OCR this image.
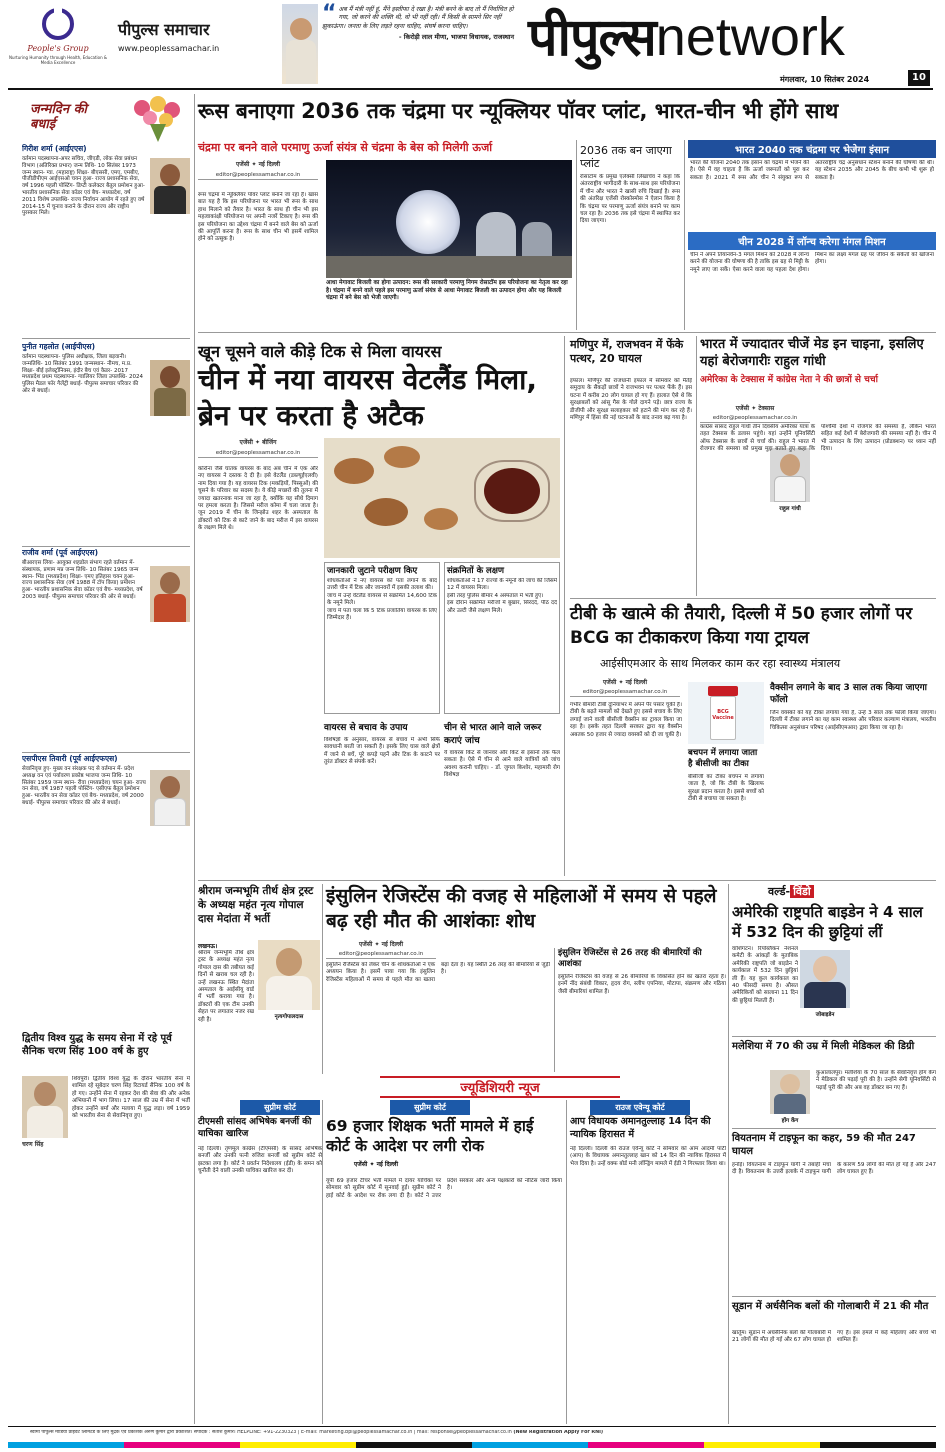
People's Group
Nurturing Humanity through Health, Education & Media Excellence
पीपुल्स समाचार
www.peoplessamachar.in
“ अब मैं मंत्री नहीं हूं, मैंने इस्तीफा दे रखा है। मंत्री बनने के बाद तो मैं निर्वाचित हो गया, जो करने की शक्ति थी, वो भी नहीं रही। मैं किसी के सामने सिर नहीं झुकाऊंगा। जनता के लिए लड़ते रहना चाहिए, संघर्ष करना चाहिए।
- किरोड़ी लाल मीणा, भाजपा विधायक, राजस्थान पीपुल्सnetwork
मंगलवार, 10 सितंबर 2024	10
जन्मदिन की बधाई
गिरीश शर्मा (आईएएस)
वर्तमान पदस्थापना-अपर सचिव, जीएडी, लोक सेवा प्रबंधन विभाग (अतिरिक्त प्रभार) जन्म तिथि- 10 सितंबर 1973 जन्म स्थान- ग्वा. (महाराष्ट्र) शिक्षा- बीएससी, एमए, एमबीए, पीजीडीपीएम आईएसओ चयन हुआ- राज्य प्रशासनिक सेवा, वर्ष 1996 पहली पोस्टिंग- डिप्टी कलेक्टर बैतूल प्रमोशन हुआ- भारतीय प्रशासनिक सेवा कॉडर एवं बैच- मध्यप्रदेश, वर्ष 2011 विशेष उपलब्धि- राज्य निर्वाचन आयोग में रहते हुए वर्ष 2014-15 में चुनाव कराने के दौरान राज्य और राष्ट्रीय पुरस्कार मिले।
पुनीत गहलोत (आईपीएस)
वर्तमान पदस्थापना- पुलिस अधीक्षक, जिला बड़वानी। जन्मतिथि- 10 सितंबर 1991 जन्मस्थान- नीमच, म.प्र. शिक्षा- बीई इलेक्ट्रॉनिक्स, इंदौर बैच एवं कैडर- 2017 मध्यप्रदेश प्रथम पदस्थापना- ग्वालियर जिला उपलब्धि- 2024 पुलिस मैडल फॉर गैलेंट्री बधाई- पीपुल्स समाचार परिवार की ओर से बधाई।
राजीव शर्मा (पूर्व आईएएस)
बीआरएस लिया- आयुक्त शहडोल संभाग रहते वर्तमान में- संस्थापक, प्रणाम मप्र जन्म तिथि- 10 सितंबर 1965 जन्म स्थान- भिंड (मध्यप्रदेश) शिक्षा- एमए इतिहास चयन हुआ- राज्य प्रशासनिक सेवा (वर्ष 1988 में टॉप किया) प्रमोशन हुआ- भारतीय प्रशासनिक सेवा कॉडर एवं बैच- मध्यप्रदेश, वर्ष 2003 बधाई- पीपुल्स समाचार परिवार की ओर से बधाई।
एसपीएस तिवारी (पूर्व आईएफएस)
सेवानिवृत्त हुए- मुख्य वन संरक्षक पद से वर्तमान में- प्रदेश अध्यक्ष वन एवं पर्यावरण प्रकोष्ठ भाजपा जन्म तिथि- 10 सितंबर 1959 जन्म स्थान- रीवा (मध्यप्रदेश) चयन हुआ- राज्य वन सेवा, वर्ष 1987 पहली पोस्टिंग- एसीएफ बैतूल प्रमोशन हुआ- भारतीय वन सेवा कॉडर एवं बैच- मध्यप्रदेश, वर्ष 2000 बधाई- पीपुल्स समाचार परिवार की ओर से बधाई।
द्वितीय विश्व युद्ध के समय सेना में रहे पूर्व सैनिक चरण सिंह 100 वर्ष के हुए
चरण सिंह
शिवपुरी। द्वितीय विश्व युद्ध के दौरान भारतीय सेना में शामिल रहे सूबेदार चरण सिंह रिटायर्ड सैनिक 100 वर्ष के हो गए। उन्होंने सेना में रहकर देश की सेवा की और अनेक अभियानों में भाग लिया। 17 साल की उम्र में सेना में भर्ती होकर उन्होंने बर्मा और मलाया में युद्ध लड़ा। वर्ष 1959 को भारतीय सेना से सेवानिवृत्त हुए।
रूस बनाएगा 2036 तक चंद्रमा पर न्यूक्लियर पॉवर प्लांट, भारत-चीन भी होंगे साथ
चंद्रमा पर बनने वाले परमाणु ऊर्जा संयंत्र से चंद्रमा के बेस को मिलेगी ऊर्जा
एजेंसी ✦ नई दिल्ली
editor@peoplessamachar.co.in
रूस चंद्रमा में न्यूक्लियर पॉवर प्लांट बनाने जा रहा है। खास बात यह है कि इस परियोजना पर भारत भी रूस के साथ हाथ मिलाने को तैयार है। भारत के साथ ही चीन भी इस महत्वाकांक्षी परियोजना पर अपनी नजरें टिकाए है। रूस की इस परियोजना का उद्देश्य चंद्रमा में बनने वाले बेस को ऊर्जा की आपूर्ति करना है। रूस के साथ चीन भी इसमें शामिल होने को उत्सुक है।
आधा मेगावाट बिजली का होगा उत्पादन: रूस की सरकारी परमाणु निगम रोसाटॉम इस परियोजना का नेतृत्व कर रहा है। चंद्रमा में बनने वाले पहले इस परमाणु ऊर्जा संयंत्र से आधा मेगावाट बिजली का उत्पादन होगा और यह बिजली चंद्रमा में बने बेस को भेजी जाएगी।
2036 तक बन जाएगा प्लांट
रोसाटॉम के प्रमुख एलेक्सी लिखाचेव ने कहा कि अंतरराष्ट्रीय भागीदारी के साथ-साथ इस परियोजना में चीन और भारत ने खासी रुचि दिखाई है। रूस की अंतरिक्ष एजेंसी रोस्कोस्मोस ने ऐलान किया है कि चंद्रमा पर परमाणु ऊर्जा संयंत्र बनाने पर काम चल रहा है। 2036 तक इसे चंद्रमा में स्थापित कर दिया जाएगा।
भारत 2040 तक चंद्रमा पर भेजेगा इंसान
भारत की योजना 2040 तक इंसान को चंद्रमा में भेजने की है। ऐसे में वह चाहता है कि ऊर्जा जरूरतों को पूरा कर सकता है। 2021 में रूस और चीन ने संयुक्त रूप से अंतरराष्ट्रीय चंद्र अनुसंधान स्टेशन बनाने की घोषणा की थी। यह स्टेशन 2035 और 2045 के बीच कभी भी शुरू हो सकता है।
चीन 2028 में लॉन्च करेगा मंगल मिशन
चीन ने अपने तियानवेन-3 मंगल मिशन को 2028 में लॉन्च करने की योजना की घोषणा की है ताकि इस ग्रह से मिट्टी के नमूने लाए जा सकें। ऐसा करने वाला यह पहला देश होगा। मिशन का लक्ष्य मंगल ग्रह पर जीवन के संकेतों को खोजना होगा।
खून चूसने वाले कीड़े टिक से मिला वायरस
चीन में नया वायरस वेटलैंड मिला, ब्रेन पर करता है अटैक
एजेंसी ✦ बीजिंग
editor@peoplessamachar.co.in
कोरोना जैसे घातक वायरस के बाद अब चीन में एक और नए वायरस ने दस्तक दे दी है। इसे वेटलैंड (डब्ल्यूईएलवी) नाम दिया गया है। यह वायरस टिक (मकड़ियों, पिस्सुओं) की चूसने के परिवार का सदस्य है। ये कीड़े मच्छरों की तुलना में ज्यादा खतरनाक माना जा रहा है, क्योंकि यह सीधे दिमाग पर हमला करता है। जिससे मरीज कोमा में चला जाता है। जून 2019 में चीन के जिन्झोउ शहर के अस्पताल के डॉक्टरों को टिक से काटे जाने के बाद मरीज में इस वायरस के लक्षण मिले थे।
जानकारी जुटाने परीक्षण किए
शोधकर्ताओं ने नए वायरस को पता लगाने के बाद उत्तरी चीन में टिक और जानवरों में इसकी तलाश की।
जांच में उन्हें वेटलैंड वायरस से संक्रमित 14,600 टिक के नमूने मिले।
जांच में पता चला कि 5 टिक प्रजातियां वायरस के लिए जिम्मेदार हैं।
संक्रमितों के लक्षण
शोधकर्ताओं ने 17 राज्यों के नमूनों की जांच की जिसमें 12 में वायरस मिला।
इसी तरह पुलिस बीमार 4 अस्पताल में भर्ती हुए।
इस दौरान संक्रमित मरीजों में बुखार, सिरदर्द, पीठ दर्द और उल्टी जैसे लक्षण मिले।
वायरस से बचाव के उपाय
विशेषज्ञों के अनुसार, वायरस से बचाव में अभी सिर्फ सावधानी बरती जा सकती है। इसके लिए घास वाले क्षेत्रों में जाने से बचें, पूरे कपड़े पहनें और टिक के काटने पर तुरंत डॉक्टर से संपर्क करें।
चीन से भारत आने वाले जरूर कराएं जांच
ये वायरस किट से जानवर और किट से इंसानों तक फैल सकता है। ऐसे में चीन से आने वाले यात्रियों को जांच अवश्य करानी चाहिए। - डॉ. जुगल किशोर, महामारी रोग विशेषज्ञ
मणिपुर में, राजभवन में फेंके पत्थर, 20 घायल
इंफाल। मणिपुर की राजधानी इंफाल में सोमवार को मैतेई समुदाय के सैकड़ों छात्रों ने राजभवन पर पत्थर फेंके हैं। इस घटना में करीब 20 लोग घायल हो गए हैं। हालात ऐसे थे कि सुरक्षाबलों को आंसू गैस के गोले दागने पड़े। छात्र राज्य के डीजीपी और सुरक्षा सलाहकार को हटाने की मांग कर रहे हैं। मणिपुर में हिंसा की नई घटनाओं के बाद तनाव बढ़ गया है।
भारत में ज्यादातर चीजें मेड इन चाइना, इसलिए यहां बेरोजगारीः राहुल गांधी
अमेरिका के टेक्सास में कांग्रेस नेता ने की छात्रों से चर्चा
एजेंसी ✦ टेक्सास
editor@peoplessamachar.co.in
राहुल गांधी
कांग्रेस सांसद राहुल गांधी तीन दिवसीय अमेरिका यात्रा के तहत टेक्सास के डलास पहुंचे। यहां उन्होंने यूनिवर्सिटी ऑफ टेक्सास के छात्रों से चर्चा की। राहुल ने भारत में रोजगार की समस्या को प्रमुख मुद्दा बताते हुए कहा कि पश्चिमी देशों में रोजगार की समस्या है, लेकिन भारत सहित कई देशों में बेरोजगारी की समस्या नहीं है। चीन में भी उत्पादन के लिए उत्पादन (प्रोडक्शन) पर ध्यान नहीं दिया।
टीबी के खात्मे की तैयारी, दिल्ली में 50 हजार लोगों पर BCG का टीकाकरण किया गया ट्रायल
आईसीएमआर के साथ मिलकर काम कर रहा स्वास्थ्य मंत्रालय
एजेंसी ✦ नई दिल्ली
editor@peoplessamachar.co.in
गंभीर बीमारी टीबी दुनियाभर में अपने पैर पसार चुकी है। टीबी के बढ़ते मामलों को देखते हुए इससे बचाव के लिए लगाई जाने वाली बीसीजी वैक्सीन का ट्रायल किया जा रहा है। इसके तहत दिल्ली सरकार द्वारा यह वैक्सीन अबतक 50 हजार से ज्यादा वयस्कों को दी जा चुकी है।
BCG Vaccine
बचपन में लगाया जाता है बीसीजी का टीका
बीसीजी का टीका बचपन में लगाया जाता है, जो कि टीबी के खिलाफ सुरक्षा प्रदान करता है। इससे बच्चों को टीबी से बचाया जा सकता है।
वैक्सीन लगाने के बाद 3 साल तक किया जाएगा फॉलो
जिन वयस्कों को यह टीका लगाया गया है, उन्हें 3 साल तक फॉलो किया जाएगा। दिल्ली में टीका लगाने का यह काम स्वास्थ्य और परिवार कल्याण मंत्रालय, भारतीय चिकित्सा अनुसंधान परिषद (आईसीएमआर) द्वारा किया जा रहा है।
श्रीराम जन्मभूमि तीर्थ क्षेत्र ट्रस्ट के अध्यक्ष महंत नृत्य गोपाल दास मेदांता में भर्ती
नृत्यगोपालदास
लखनऊ।
श्रीराम जन्मभूमि तीर्थ क्षेत्र ट्रस्ट के अध्यक्ष महंत नृत्य गोपाल दास की तबीयत कई दिनों से खराब चल रही है। उन्हें लखनऊ स्थित मेदांता अस्पताल के आईसीयू वार्ड में भर्ती कराया गया है। डॉक्टरों की एक टीम उनकी सेहत पर लगातार नजर रख रही है।
इंसुलिन रेजिस्टेंस की वजह से महिलाओं में समय से पहले बढ़ रही मौत की आशंकाः शोध
एजेंसी ✦ नई दिल्ली
editor@peoplessamachar.co.in
इंसुलिन रेजिस्टेंस को लेकर चीन के शोधकर्ताओं ने एक अध्ययन किया है। इसमें पाया गया कि इंसुलिन रेजिस्टेंस महिलाओं में समय से पहले मौत का खतरा बढ़ा देता है। यह स्थिति 26 तरह की बीमारियों से जुड़ी है।
इंसुलिन रेजिस्टेंस से 26 तरह की बीमारियों की आशंका
इंसुलिन रेजिस्टेंस की वजह से 26 बीमारियों के विकसित होने का खतरा रहता है। इनमें नींद संबंधी विकार, हृदय रोग, स्लीप एपनिया, मोटापा, संक्रमण और गठिया जैसी बीमारियां शामिल हैं।
ज्यूडिशियरी न्यूज
सुप्रीम कोर्ट
टीएमसी सांसद अभिषेक बनर्जी की याचिका खारिज
नई दिल्ली। तृणमूल कांग्रेस (टीएमसी) के सांसद अभिषेक बनर्जी और उनकी पत्नी रुजिरा बनर्जी को सुप्रीम कोर्ट से झटका लगा है। कोर्ट ने प्रवर्तन निदेशालय (ईडी) के समन को चुनौती देने वाली उनकी याचिका खारिज कर दी।
सुप्रीम कोर्ट
69 हजार शिक्षक भर्ती मामले में हाई कोर्ट के आदेश पर लगी रोक
एजेंसी ✦ नई दिल्ली
यूपी 69 हजार टीचर भर्ती मामले में दायर याचिका पर सोमवार को सुप्रीम कोर्ट में सुनवाई हुई। सुप्रीम कोर्ट ने हाई कोर्ट के आदेश पर रोक लगा दी है। कोर्ट ने उत्तर प्रदेश सरकार और अन्य पक्षकारों को नोटिस जारी किया है।
राउज एवेन्यू कोर्ट
आप विधायक अमानतुल्लाह 14 दिन की न्यायिक हिरासत में
नई दिल्ली। दिल्ली की राउज एवेन्यू कोर्ट ने सोमवार को आम आदमी पार्टी (आप) के विधायक अमानतुल्लाह खान को 14 दिन की न्यायिक हिरासत में भेज दिया है। उन्हें वक्फ बोर्ड मनी लॉन्ड्रिंग मामले में ईडी ने गिरफ्तार किया था।
वर्ल्ड- विंडो
अमेरिकी राष्ट्रपति बाइडेन ने 4 साल में 532 दिन की छुट्टियां लीं
जोबाइडेन
वाशिंगटन। रिपब्लिकन नेशनल कमेटी के आंकड़ों के मुताबिक अमेरिकी राष्ट्रपति जो बाइडेन ने कार्यकाल में 532 दिन छुट्टियां ली हैं। यह कुल कार्यकाल का 40 फीसदी समय है। औसत अमेरिकियों को सालाना 11 दिन की छुट्टियां मिलती हैं।
मलेशिया में 70 की उम्र में मिली मेडिकल की डिग्री
होंग केंग
कुआलालंपुर। मलेशिया के 70 साल के सेवानिवृत्त होंग केंग ने मेडिकल की पढ़ाई पूरी की है। उन्होंने सेगी यूनिवर्सिटी से पढ़ाई पूरी की और अब वह डॉक्टर बन गए हैं।
वियतनाम में टाइफून का कहर, 59 की मौत 247 घायल
हनोई। वियतनाम में टाइफून यागी ने तबाही मचा दी है। वियतनाम के उत्तरी इलाके में टाइफून यागी के कारण 59 लोगों की मौत हो गई है और 247 लोग घायल हुए हैं।
सूडान में अर्धसैनिक बलों की गोलाबारी में 21 की मौत
खार्तूम। सूडान में अर्धसैनिक बलों की गोलाबारी में 21 लोगों की मौत हो गई और 67 लोग घायल हो गए हैं। इस हमले में कई महिलाएं और बच्चे भी शामिल हैं।
स्वामी पीपुल्स मीडिया प्राइवेट लिमिटेड के लिए मुद्रक एवं प्रकाशक अरुण कुमार द्वारा प्रकाशित। संपादक : सतीश कुमार। HELPLINE: +91-2230323 | E-mail: marketing.bpl@peoplessamachar.co.in | mail: response@peoplessamachar.co.in (New Registration Apply For RNI)
